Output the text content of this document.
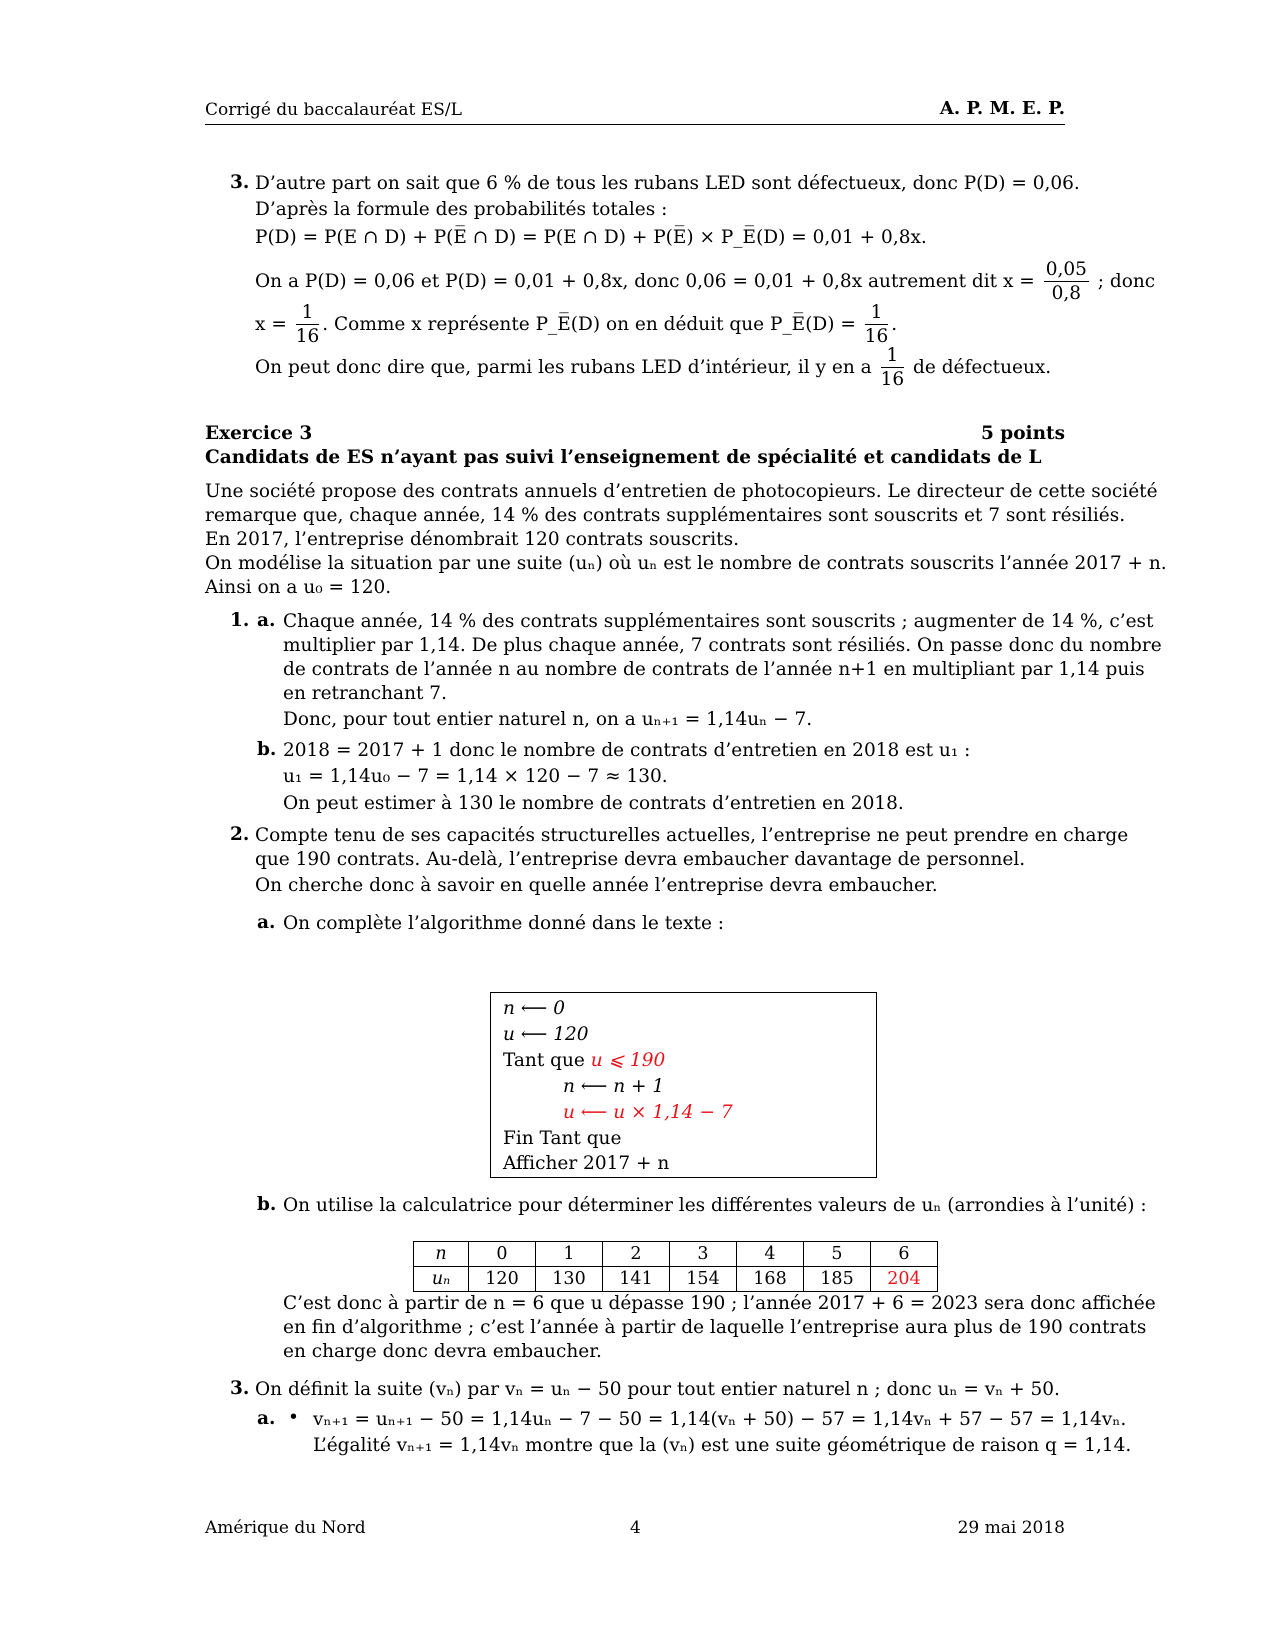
Corrigé du baccalauréat ES/L	A. P. M. E. P.
3. D’autre part on sait que 6 % de tous les rubans LED sont défectueux, donc P(D) = 0,06.
D’après la formule des probabilités totales :
P(D) = P(E ∩ D) + P(E̅ ∩ D) = P(E ∩ D) + P(E̅) × P_E̅(D) = 0,01 + 0,8x.
On a P(D) = 0,06 et P(D) = 0,01 + 0,8x, donc 0,06 = 0,01 + 0,8x autrement dit $x = \frac{0,05}{0,8}$ ; donc
$x = \frac{1}{16}$ . Comme x représente P_E̅(D) on en déduit que P_E̅(D) = $\frac{1}{16}$ .
On peut donc dire que, parmi les rubans LED d’intérieur, il y en a $\frac{1}{16}$ de défectueux.
Exercice 3	5 points
Candidats de ES n’ayant pas suivi l’enseignement de spécialité et candidats de L
Une société propose des contrats annuels d’entretien de photocopieurs. Le directeur de cette société
remarque que, chaque année, 14 % des contrats supplémentaires sont souscrits et 7 sont résiliés.
En 2017, l’entreprise dénombrait 120 contrats souscrits.
On modélise la situation par une suite (uₙ) où uₙ est le nombre de contrats souscrits l’année 2017 + n.
Ainsi on a u₀ = 120.
1. a. Chaque année, 14 % des contrats supplémentaires sont souscrits ; augmenter de 14 %, c’est
multiplier par 1,14. De plus chaque année, 7 contrats sont résiliés. On passe donc du nombre
de contrats de l’année n au nombre de contrats de l’année n+1 en multipliant par 1,14 puis
en retranchant 7.
Donc, pour tout entier naturel n, on a uₙ₊₁ = 1,14uₙ − 7.
b. 2018 = 2017 + 1 donc le nombre de contrats d’entretien en 2018 est u₁ :
u₁ = 1,14u₀ − 7 = 1,14 × 120 − 7 ≈ 130.
On peut estimer à 130 le nombre de contrats d’entretien en 2018.
2. Compte tenu de ses capacités structurelles actuelles, l’entreprise ne peut prendre en charge
que 190 contrats. Au-delà, l’entreprise devra embaucher davantage de personnel.
On cherche donc à savoir en quelle année l’entreprise devra embaucher.
a. On complète l’algorithme donné dans le texte :
n ⟵ 0
u ⟵ 120
Tant que u ⩽ 190
n ⟵ n + 1
u ⟵ u × 1,14 − 7
Fin Tant que
Afficher 2017 + n
b. On utilise la calculatrice pour déterminer les différentes valeurs de uₙ (arrondies à l’unité) :
n	0	1	2	3	4	5	6
uₙ	120	130	141	154	168	185	204
C’est donc à partir de n = 6 que u dépasse 190 ; l’année 2017 + 6 = 2023 sera donc affichée
en fin d’algorithme ; c’est l’année à partir de laquelle l’entreprise aura plus de 190 contrats
en charge donc devra embaucher.
3. On définit la suite (vₙ) par vₙ = uₙ − 50 pour tout entier naturel n ; donc uₙ = vₙ + 50.
a. • vₙ₊₁ = uₙ₊₁ − 50 = 1,14uₙ − 7 − 50 = 1,14(vₙ + 50) − 57 = 1,14vₙ + 57 − 57 = 1,14vₙ.
L’égalité vₙ₊₁ = 1,14vₙ montre que la (vₙ) est une suite géométrique de raison q = 1,14.
Amérique du Nord	4	29 mai 2018
